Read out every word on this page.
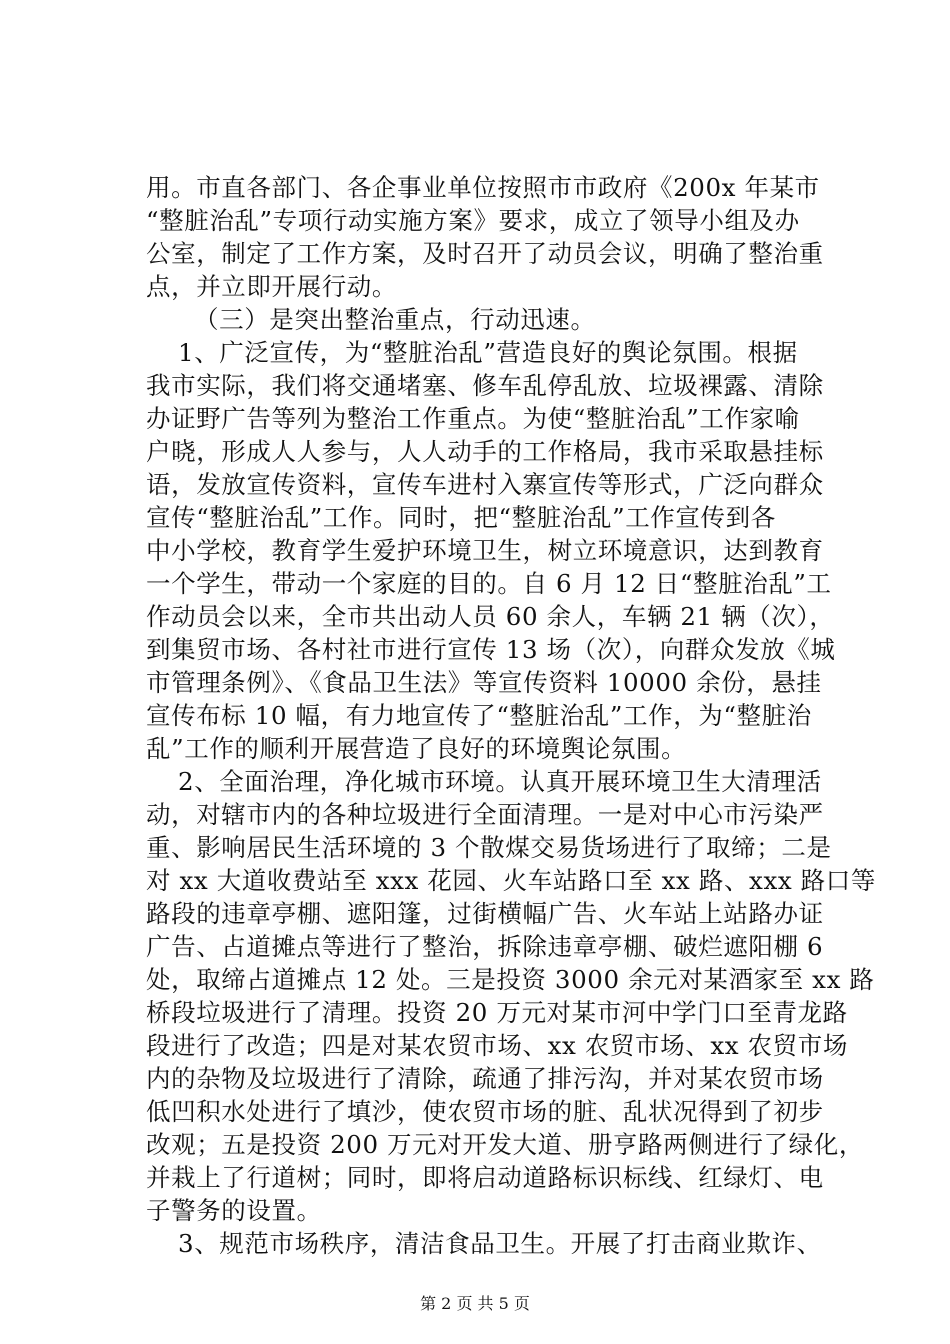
用。市直各部门、各企事业单位按照市市政府《200x 年某市
“整脏治乱”专项行动实施方案》要求，成立了领导小组及办
公室，制定了工作方案，及时召开了动员会议，明确了整治重
点，并立即开展行动。
（三）是突出整治重点，行动迅速。
1、广泛宣传，为“整脏治乱”营造良好的舆论氛围。根据
我市实际，我们将交通堵塞、修车乱停乱放、垃圾裸露、清除
办证野广告等列为整治工作重点。为使“整脏治乱”工作家喻
户晓，形成人人参与，人人动手的工作格局，我市采取悬挂标
语，发放宣传资料，宣传车进村入寨宣传等形式，广泛向群众
宣传“整脏治乱”工作。同时，把“整脏治乱”工作宣传到各
中小学校，教育学生爱护环境卫生，树立环境意识，达到教育
一个学生，带动一个家庭的目的。自 6 月 12 日“整脏治乱”工
作动员会以来，全市共出动人员 60 余人，车辆 21 辆（次），
到集贸市场、各村社市进行宣传 13 场（次），向群众发放《城
市管理条例》、《食品卫生法》等宣传资料 10000 余份，悬挂
宣传布标 10 幅，有力地宣传了“整脏治乱”工作，为“整脏治
乱”工作的顺利开展营造了良好的环境舆论氛围。
2、全面治理，净化城市环境。认真开展环境卫生大清理活
动，对辖市内的各种垃圾进行全面清理。一是对中心市污染严
重、影响居民生活环境的 3 个散煤交易货场进行了取缔；二是
对 xx 大道收费站至 xxx 花园、火车站路口至 xx 路、xxx 路口等
路段的违章亭棚、遮阳篷，过街横幅广告、火车站上站路办证
广告、占道摊点等进行了整治，拆除违章亭棚、破烂遮阳棚 6
处，取缔占道摊点 12 处。三是投资 3000 余元对某酒家至 xx 路
桥段垃圾进行了清理。投资 20 万元对某市河中学门口至青龙路
段进行了改造；四是对某农贸市场、xx 农贸市场、xx 农贸市场
内的杂物及垃圾进行了清除，疏通了排污沟，并对某农贸市场
低凹积水处进行了填沙，使农贸市场的脏、乱状况得到了初步
改观；五是投资 200 万元对开发大道、册亨路两侧进行了绿化，
并栽上了行道树；同时，即将启动道路标识标线、红绿灯、电
子警务的设置。
3、规范市场秩序，清洁食品卫生。开展了打击商业欺诈、
第 2 页 共 5 页
